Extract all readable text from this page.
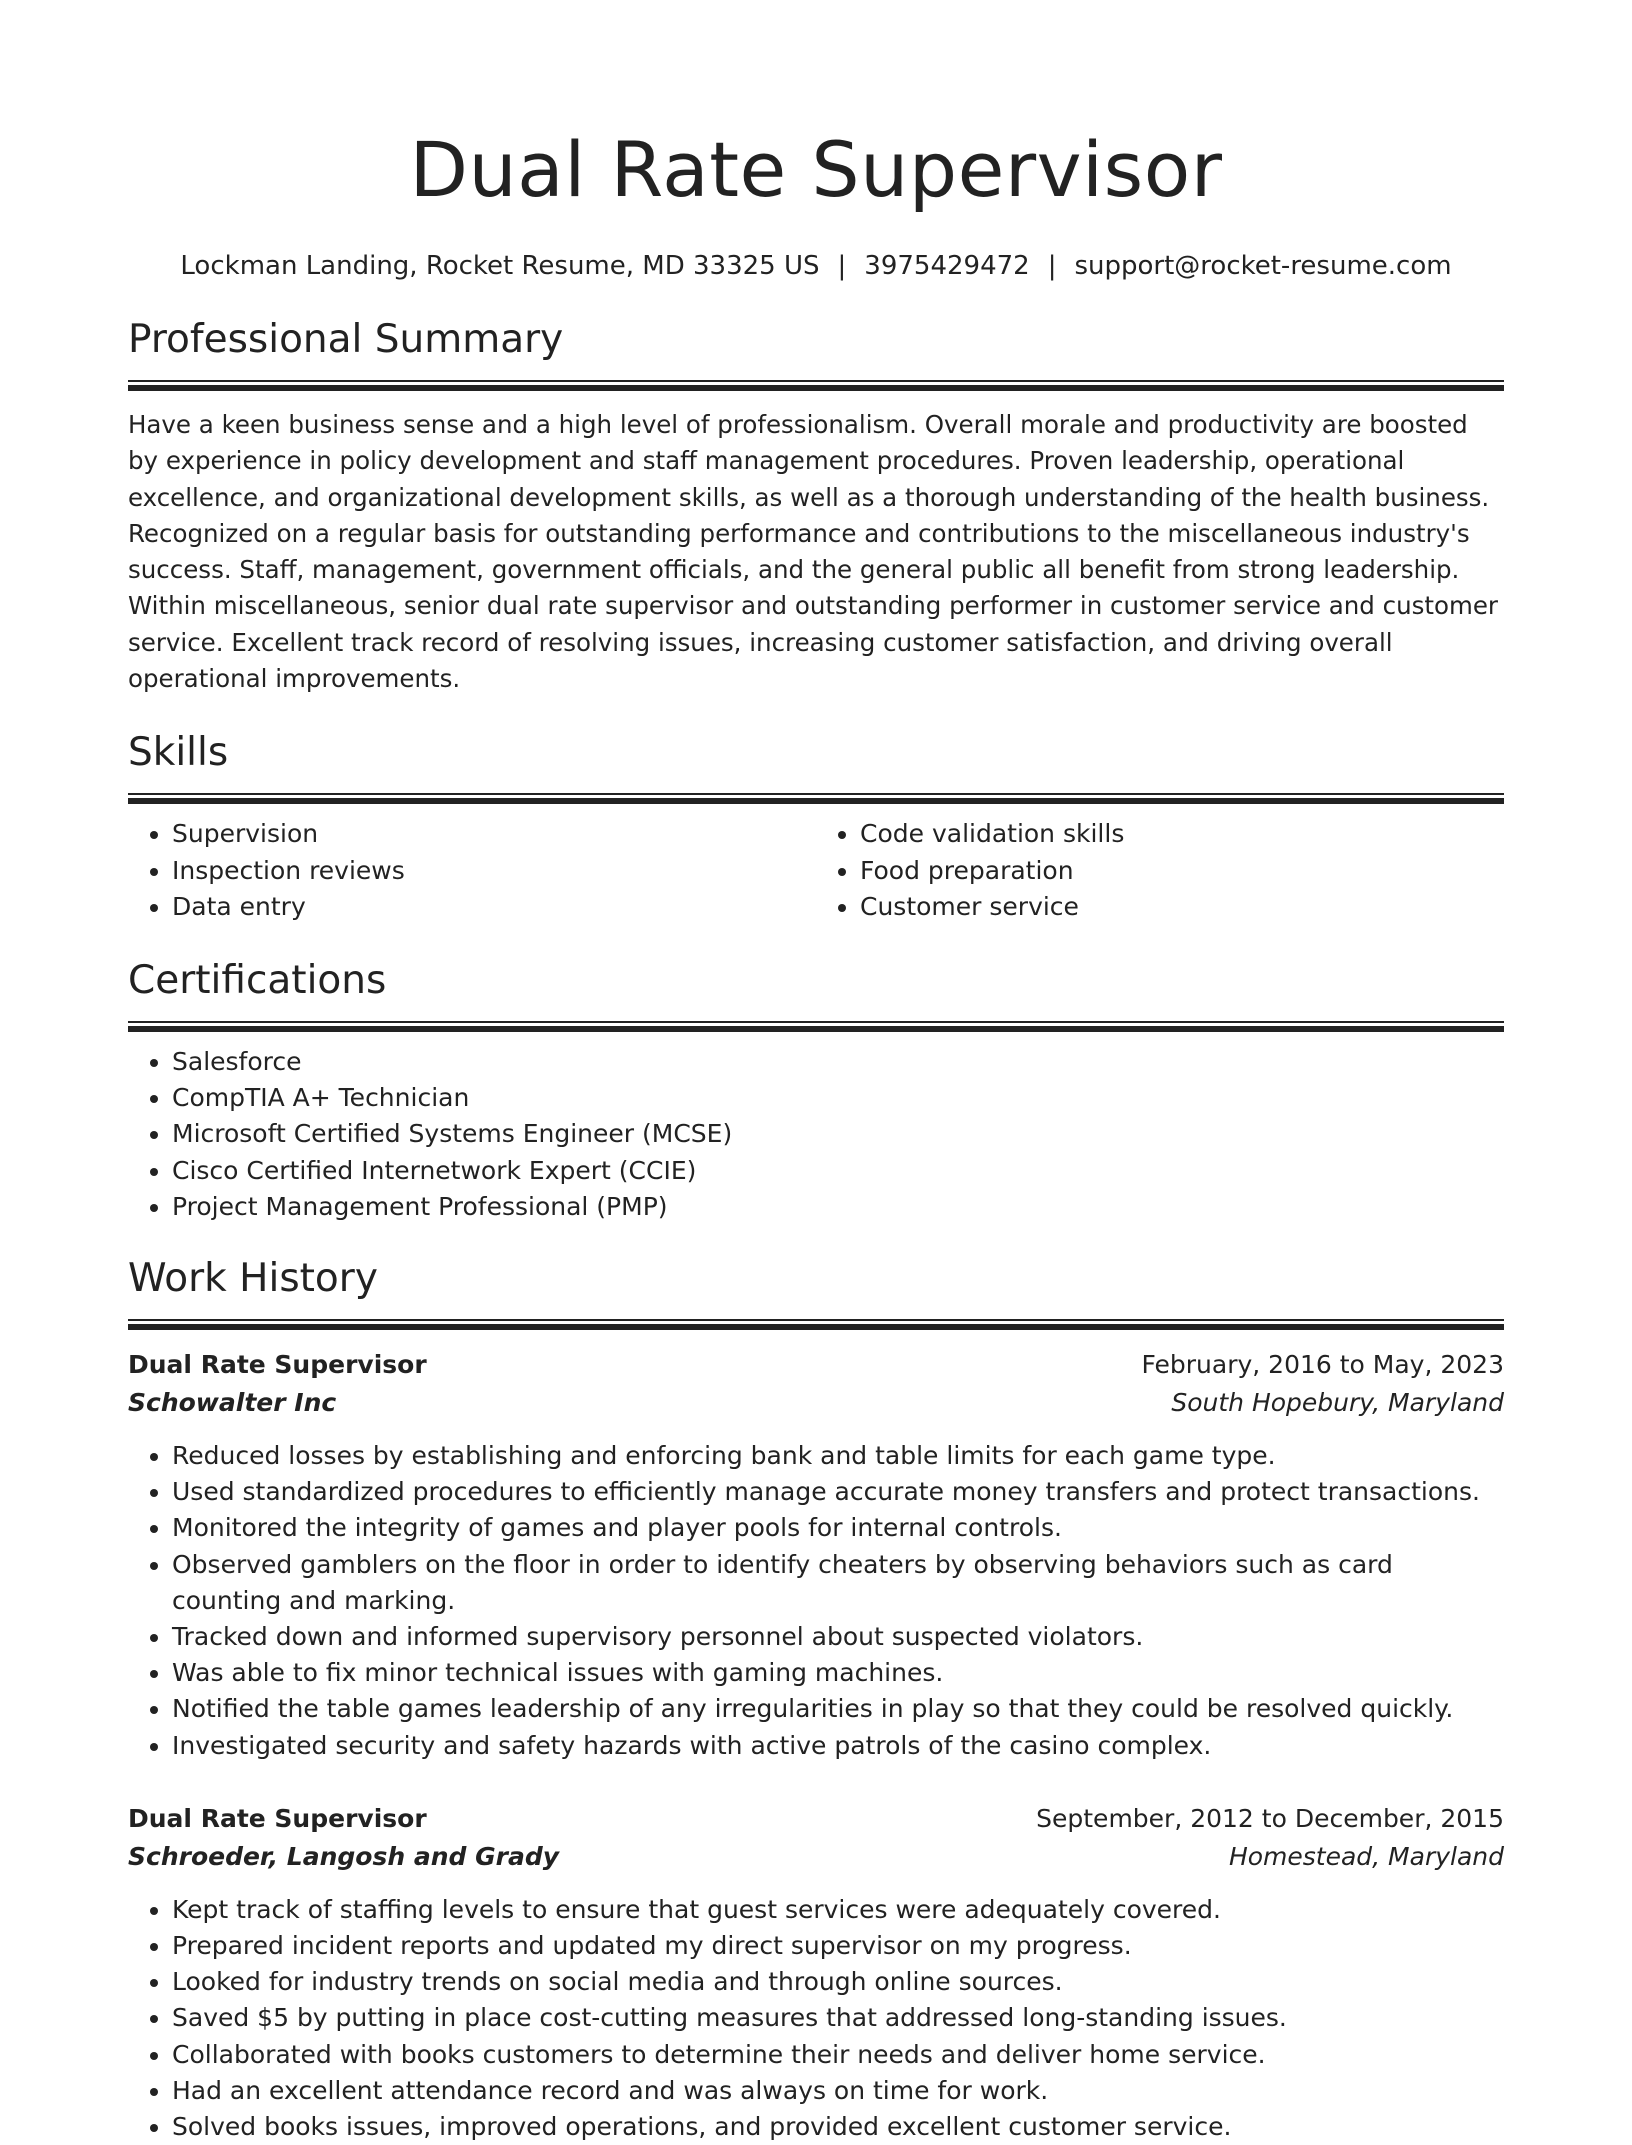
Dual Rate Supervisor
Lockman Landing, Rocket Resume, MD 33325 US | 3975429472 | support@rocket-resume.com
Professional Summary

Have a keen business sense and a high level of professionalism. Overall morale and productivity are boosted by experience in policy development and staff management procedures. Proven leadership, operational excellence, and organizational development skills, as well as a thorough understanding of the health business. Recognized on a regular basis for outstanding performance and contributions to the miscellaneous industry's success. Staff, management, government officials, and the general public all benefit from strong leadership. Within miscellaneous, senior dual rate supervisor and outstanding performer in customer service and customer service. Excellent track record of resolving issues, increasing customer satisfaction, and driving overall operational improvements.

Skills
• Supervision
• Inspection reviews
• Data entry
• Code validation skills
• Food preparation
• Customer service
Certifications
• Salesforce
• CompTIA A+ Technician
• Microsoft Certified Systems Engineer (MCSE)
• Cisco Certified Internetwork Expert (CCIE)
• Project Management Professional (PMP)
Work History
Dual Rate Supervisor	February, 2016 to May, 2023
Schowalter Inc	South Hopebury, Maryland
• Reduced losses by establishing and enforcing bank and table limits for each game type.
• Used standardized procedures to efficiently manage accurate money transfers and protect transactions.
• Monitored the integrity of games and player pools for internal controls.
• Observed gamblers on the floor in order to identify cheaters by observing behaviors such as card counting and marking.
• Tracked down and informed supervisory personnel about suspected violators.
• Was able to fix minor technical issues with gaming machines.
• Notified the table games leadership of any irregularities in play so that they could be resolved quickly.
• Investigated security and safety hazards with active patrols of the casino complex.
Dual Rate Supervisor	September, 2012 to December, 2015
Schroeder, Langosh and Grady	Homestead, Maryland
• Kept track of staffing levels to ensure that guest services were adequately covered.
• Prepared incident reports and updated my direct supervisor on my progress.
• Looked for industry trends on social media and through online sources.
• Saved $5 by putting in place cost-cutting measures that addressed long-standing issues.
• Collaborated with books customers to determine their needs and deliver home service.
• Had an excellent attendance record and was always on time for work.
• Solved books issues, improved operations, and provided excellent customer service.
